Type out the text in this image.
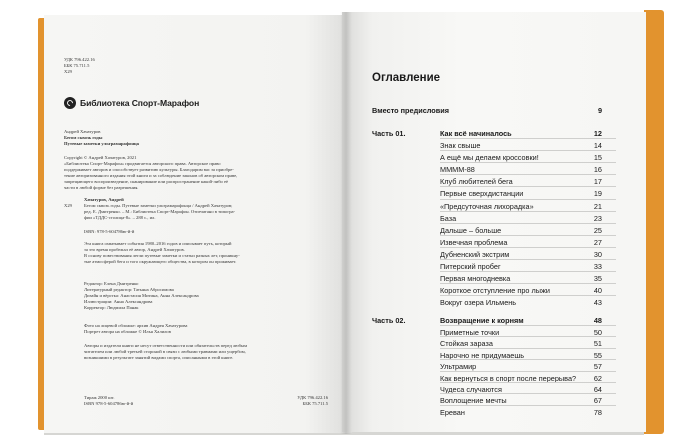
УДК 796.422.16
ББК 75.711.5
Х29
Библиотека Спорт-Марафон
Андрей Хачатуров
Бегом сквозь годы
Путевые заметки ультрамарафонца
Copyright © Андрей Хачатуров, 2021
«Библиотека Спорт-Марафон» продвигается авторского права. Авторское право
поддерживает авторов и способствует развитию культуры. Благодарим вас за приобре-
тение авторизованного издания этой книги и за соблюдение законов об авторском праве,
запрещающего воспроизведение, сканирование или распространение какой-либо её
части в любой форме без разрешения.
Х29
Хачатуров, Андрей
Бегом сквозь годы. Путевые заметки ультрамарафонца / Андрей Хачатуров;
ред. Е. Дмитренко. – М.: Библиотека Спорт-Марафон. Отпечатано в типогра-
фии «ТДДС-столица-8». – 288 с., ил.
ISBN: 978-5-604786ю-й-й
Эта книга охватывает события 1980–2016 годов и описывает путь, который
за это время пробежал её автор, Андрей Хачатуров.
В основу повествования легли путевые заметки и статьи разных лет, проникну-
тые атмосферой бега и того окружающего общества, в котором он проживает.
Редактор: Елена Дмитренко
Литературный редактор: Татьяна Абросимова
Дизайн и вёрстка: Анастасия Митина, Анна Александрова
Иллюстрации: Анна Александрова
Корректор: Людмила Панак
Фото на лицевой обложке: архив Андрея Хачатурова
Портрет автора на обложке © Илья Халилов
Авторы и издатели книги не несут ответственности или обязательств перед любым
читателем или любой третьей стороной в связи с любыми травмами или ущербом,
возникшими в результате занятий видами спорта, описанными в этой книге.
Тираж 2000 шт.
ISBN 978-5-604786ю-й-й
УДК 796.422.16
ББК 75.711.5
Оглавление
Вместо предисловия	9
Часть 01.	Как всё начиналось	12
Знак свыше	14
А ещё мы делаем кроссовки!	15
ММММ-88	16
Клуб любителей бега	17
Первые сверхдистанции	19
«Предсуточная лихорадка»	21
База	23
Дальше – больше	25
Извечная проблема	27
Дубненский экстрим	30
Питерский пробег	33
Первая многодневка	35
Короткое отступление про лыжи	40
Вокруг озера Ильмень	43
Часть 02.	Возвращение к корням	48
Приметные точки	50
Стойкая зараза	51
Нарочно не придумаешь	55
Ультрамир	57
Как вернуться в спорт после перерыва? 62
Чудеса случаются	64
Воплощение мечты	67
Ереван	78
